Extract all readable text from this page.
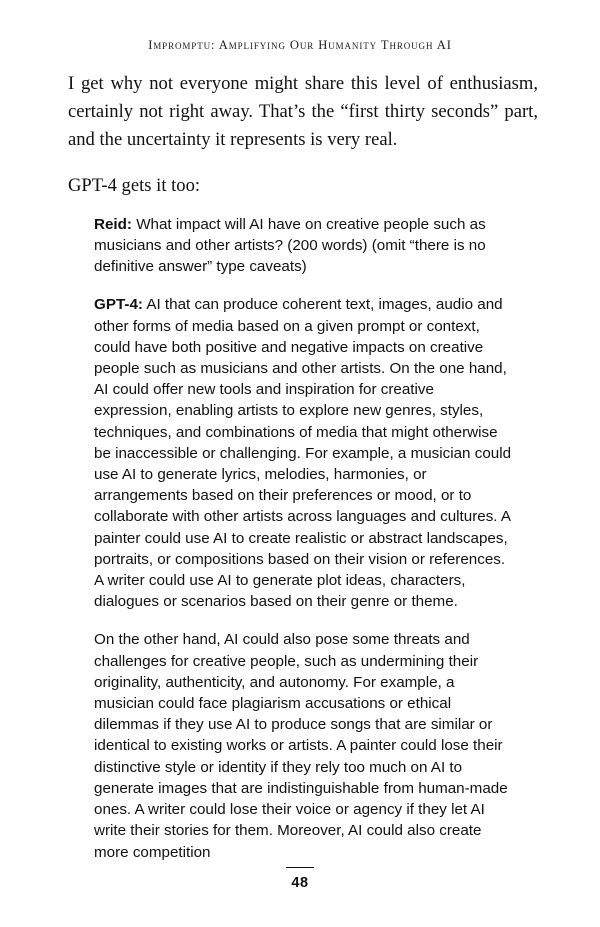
Impromptu: Amplifying Our Humanity Through AI

I get why not everyone might share this level of enthusiasm, certainly not right away. That’s the “first thirty seconds” part, and the uncertainty it represents is very real.

GPT-4 gets it too:

Reid: What impact will AI have on creative people such as musicians and other artists? (200 words) (omit “there is no definitive answer” type caveats)

GPT-4: AI that can produce coherent text, images, audio and other forms of media based on a given prompt or context, could have both positive and negative impacts on creative people such as musicians and other artists. On the one hand, AI could offer new tools and inspiration for creative expression, enabling artists to explore new genres, styles, techniques, and combinations of media that might otherwise be inaccessible or challenging. For example, a musician could use AI to generate lyrics, melodies, harmonies, or arrangements based on their preferences or mood, or to collaborate with other artists across languages and cultures. A painter could use AI to create realistic or abstract landscapes, portraits, or compositions based on their vision or references. A writer could use AI to generate plot ideas, characters, dialogues or scenarios based on their genre or theme.

On the other hand, AI could also pose some threats and challenges for creative people, such as undermining their originality, authenticity, and autonomy. For example, a musician could face plagiarism accusations or ethical dilemmas if they use AI to produce songs that are similar or identical to existing works or artists. A painter could lose their distinctive style or identity if they rely too much on AI to generate images that are indistinguishable from human-made ones. A writer could lose their voice or agency if they let AI write their stories for them. Moreover, AI could also create more competition

48
